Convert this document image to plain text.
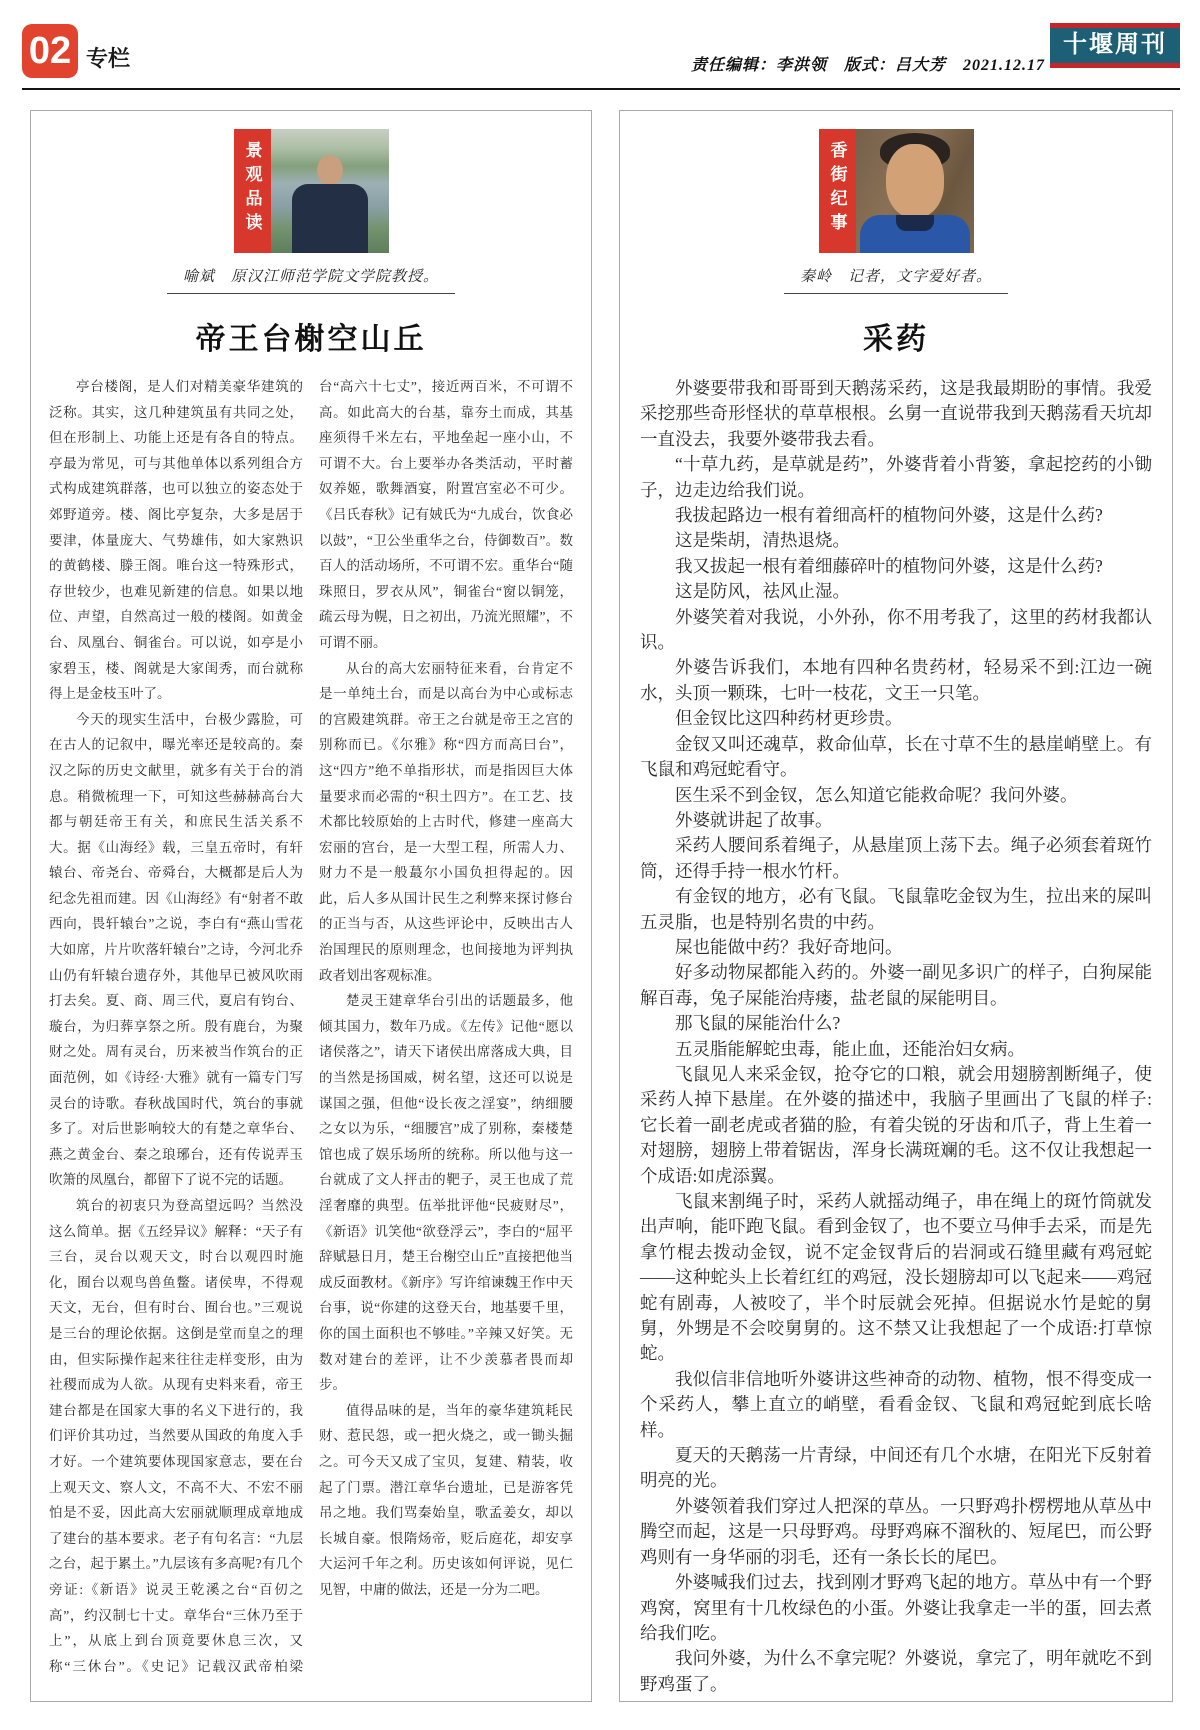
02 专栏	责任编辑：李洪领　版式：吕大芳　2021.12.17
十堰周刊
景观品读
喻斌　原汉江师范学院文学院教授。
帝王台榭空山丘

亭台楼阁，是人们对精美豪华建筑的泛称。其实，这几种建筑虽有共同之处，但在形制上、功能上还是有各自的特点。亭最为常见，可与其他单体以系列组合方式构成建筑群落，也可以独立的姿态处于郊野道旁。楼、阁比亭复杂，大多是居于要津，体量庞大、气势雄伟，如大家熟识的黄鹤楼、滕王阁。唯台这一特殊形式，存世较少，也难见新建的信息。如果以地位、声望，自然高过一般的楼阁。如黄金台、凤凰台、铜雀台。可以说，如亭是小家碧玉，楼、阁就是大家闺秀，而台就称得上是金枝玉叶了。

今天的现实生活中，台极少露脸，可在古人的记叙中，曝光率还是较高的。秦汉之际的历史文献里，就多有关于台的消息。稍微梳理一下，可知这些赫赫高台大都与朝廷帝王有关，和庶民生活关系不大。据《山海经》载，三皇五帝时，有轩辕台、帝尧台、帝舜台，大概都是后人为纪念先祖而建。因《山海经》有“射者不敢西向，畏轩辕台”之说，李白有“燕山雪花大如席，片片吹落轩辕台”之诗，今河北乔山仍有轩辕台遗存外，其他早已被风吹雨打去矣。夏、商、周三代，夏启有钧台、璇台，为归葬享祭之所。殷有鹿台，为聚财之处。周有灵台，历来被当作筑台的正面范例，如《诗经·大雅》就有一篇专门写灵台的诗歌。春秋战国时代，筑台的事就多了。对后世影响较大的有楚之章华台、燕之黄金台、秦之琅琊台，还有传说弄玉吹箫的凤凰台，都留下了说不完的话题。

筑台的初衷只为登高望远吗？当然没这么简单。据《五经异议》解释：“天子有三台，灵台以观天文，时台以观四时施化，囿台以观鸟兽鱼鳖。诸侯卑，不得观天文，无台，但有时台、囿台也。”三观说是三台的理论依据。这倒是堂而皇之的理由，但实际操作起来往往走样变形，由为社稷而成为人欲。从现有史料来看，帝王建台都是在国家大事的名义下进行的，我们评价其功过，当然要从国政的角度入手才好。一个建筑要体现国家意志，要在台上观天文、察人文，不高不大、不宏不丽怕是不妥，因此高大宏丽就顺理成章地成了建台的基本要求。老子有句名言：“九层之台，起于累土。”九层该有多高呢?有几个旁证:《新语》说灵王乾溪之台“百仞之高”，约汉制七十丈。章华台“三休乃至于上”，从底上到台顶竟要休息三次，又称“三休台”。《史记》记载汉武帝柏梁台“高六十七丈”，接近两百米，不可谓不高。如此高大的台基，靠夯土而成，其基座须得千米左右，平地垒起一座小山，不可谓不大。台上要举办各类活动，平时蓄奴养姬，歌舞酒宴，附置宫室必不可少。《吕氏春秋》记有娀氏为“九成台，饮食必以鼓”，“卫公坐重华之台，侍御数百”。数百人的活动场所，不可谓不宏。重华台“随珠照日，罗衣从风”，铜雀台“窗以铜笼，疏云母为幌，日之初出，乃流光照耀”，不可谓不丽。

从台的高大宏丽特征来看，台肯定不是一单纯土台，而是以高台为中心或标志的宫殿建筑群。帝王之台就是帝王之宫的别称而已。《尔雅》称“四方而高曰台”，这“四方”绝不单指形状，而是指因巨大体量要求而必需的“积土四方”。在工艺、技术都比较原始的上古时代，修建一座高大宏丽的宫台，是一大型工程，所需人力、财力不是一般蕞尔小国负担得起的。因此，后人多从国计民生之利弊来探讨修台的正当与否，从这些评论中，反映出古人治国理民的原则理念，也间接地为评判执政者划出客观标准。

楚灵王建章华台引出的话题最多，他倾其国力，数年乃成。《左传》记他“愿以诸侯落之”，请天下诸侯出席落成大典，目的当然是扬国威，树名望，这还可以说是谋国之强，但他“设长夜之淫宴”，纳细腰之女以为乐，“细腰宫”成了别称，秦楼楚馆也成了娱乐场所的统称。所以他与这一台就成了文人抨击的靶子，灵王也成了荒淫奢靡的典型。伍举批评他“民疲财尽”，《新语》讥笑他“欲登浮云”，李白的“屈平辞赋悬日月，楚王台榭空山丘”直接把他当成反面教材。《新序》写许绾谏魏王作中天台事，说“你建的这登天台，地基要千里，你的国土面积也不够哇。”辛辣又好笑。无数对建台的差评，让不少羡慕者畏而却步。

值得品味的是，当年的豪华建筑耗民财、惹民怨，或一把火烧之，或一锄头掘之。可今天又成了宝贝，复建、精装，收起了门票。潜江章华台遗址，已是游客凭吊之地。我们骂秦始皇，歌孟姜女，却以长城自豪。恨隋炀帝，贬后庭花，却安享大运河千年之利。历史该如何评说，见仁见智，中庸的做法，还是一分为二吧。

香街纪事
秦岭　记者，文字爱好者。
采药

外婆要带我和哥哥到天鹅荡采药，这是我最期盼的事情。我爱采挖那些奇形怪状的草草根根。幺舅一直说带我到天鹅荡看天坑却一直没去，我要外婆带我去看。

“十草九药，是草就是药”，外婆背着小背篓，拿起挖药的小锄子，边走边给我们说。

我拔起路边一根有着细高杆的植物问外婆，这是什么药?

这是柴胡，清热退烧。

我又拔起一根有着细藤碎叶的植物问外婆，这是什么药?

这是防风，祛风止湿。

外婆笑着对我说，小外孙，你不用考我了，这里的药材我都认识。

外婆告诉我们，本地有四种名贵药材，轻易采不到:江边一碗水，头顶一颗珠，七叶一枝花，文王一只笔。

但金钗比这四种药材更珍贵。

金钗又叫还魂草，救命仙草，长在寸草不生的悬崖峭壁上。有飞鼠和鸡冠蛇看守。

医生采不到金钗，怎么知道它能救命呢？我问外婆。

外婆就讲起了故事。

采药人腰间系着绳子，从悬崖顶上荡下去。绳子必须套着斑竹筒，还得手持一根水竹杆。

有金钗的地方，必有飞鼠。飞鼠靠吃金钗为生，拉出来的屎叫五灵脂，也是特别名贵的中药。

屎也能做中药？我好奇地问。

好多动物屎都能入药的。外婆一副见多识广的样子，白狗屎能解百毒，兔子屎能治痔瘘，盐老鼠的屎能明目。

那飞鼠的屎能治什么?

五灵脂能解蛇虫毒，能止血，还能治妇女病。

飞鼠见人来采金钗，抢夺它的口粮，就会用翅膀割断绳子，使采药人掉下悬崖。在外婆的描述中，我脑子里画出了飞鼠的样子:它长着一副老虎或者猫的脸，有着尖锐的牙齿和爪子，背上生着一对翅膀，翅膀上带着锯齿，浑身长满斑斓的毛。这不仅让我想起一个成语:如虎添翼。

飞鼠来割绳子时，采药人就摇动绳子，串在绳上的斑竹筒就发出声响，能吓跑飞鼠。看到金钗了，也不要立马伸手去采，而是先拿竹棍去拨动金钗，说不定金钗背后的岩洞或石缝里藏有鸡冠蛇——这种蛇头上长着红红的鸡冠，没长翅膀却可以飞起来——鸡冠蛇有剧毒，人被咬了，半个时辰就会死掉。但据说水竹是蛇的舅舅，外甥是不会咬舅舅的。这不禁又让我想起了一个成语:打草惊蛇。

我似信非信地听外婆讲这些神奇的动物、植物，恨不得变成一个采药人，攀上直立的峭壁，看看金钗、飞鼠和鸡冠蛇到底长啥样。

夏天的天鹅荡一片青绿，中间还有几个水塘，在阳光下反射着明亮的光。

外婆领着我们穿过人把深的草丛。一只野鸡扑楞楞地从草丛中腾空而起，这是一只母野鸡。母野鸡麻不溜秋的、短尾巴，而公野鸡则有一身华丽的羽毛，还有一条长长的尾巴。

外婆喊我们过去，找到刚才野鸡飞起的地方。草丛中有一个野鸡窝，窝里有十几枚绿色的小蛋。外婆让我拿走一半的蛋，回去煮给我们吃。

我问外婆，为什么不拿完呢？外婆说，拿完了，明年就吃不到野鸡蛋了。
